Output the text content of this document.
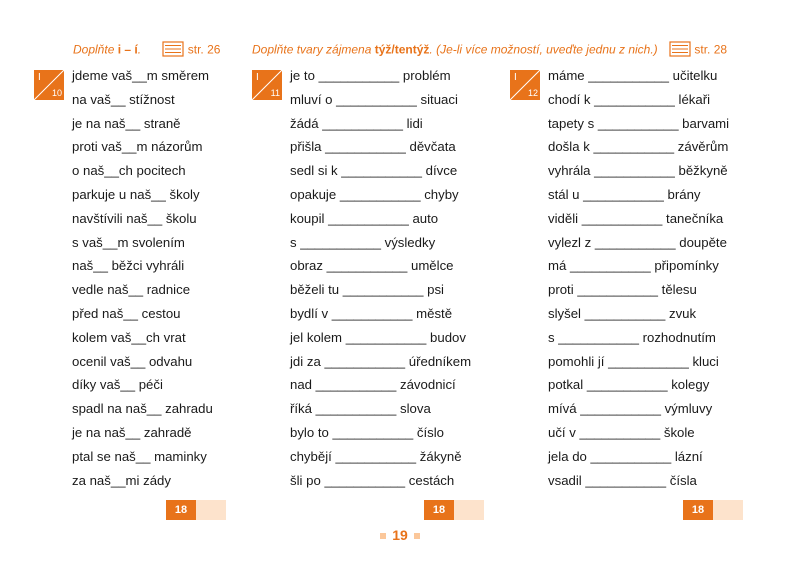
Doplňte i – í.	str. 26	Doplňte tvary zájmena týž/tentýž. (Je-li více možností, uveďte jednu z nich.)	str. 28
I
10
jdeme vaš__m směrem
na vaš__ stížnost
je na naš__ straně
proti vaš__m názorům
o naš__ch pocitech
parkuje u naš__ školy
navštívili naš__ školu
s vaš__m svolením
naš__ běžci vyhráli
vedle naš__ radnice
před naš__ cestou
kolem vaš__ch vrat
ocenil vaš__ odvahu
díky vaš__ péči
spadl na naš__ zahradu
je na naš__ zahradě
ptal se naš__ maminky
za naš__mi zády
I
11
je to ___________ problém
mluví o ___________ situaci
žádá ___________ lidi
přišla ___________ děvčata
sedl si k ___________ dívce
opakuje ___________ chyby
koupil ___________ auto
s ___________ výsledky
obraz ___________ umělce
běželi tu ___________ psi
bydlí v ___________ městě
jel kolem ___________ budov
jdi za ___________ úředníkem
nad ___________ závodnicí
říká ___________ slova
bylo to ___________ číslo
chybějí ___________ žákyně
šli po ___________ cestách
I
12
máme ___________ učitelku
chodí k ___________ lékaři
tapety s ___________ barvami
došla k ___________ závěrům
vyhrála ___________ běžkyně
stál u ___________ brány
viděli ___________ tanečníka
vylezl z ___________ doupěte
má ___________ připomínky
proti ___________ tělesu
slyšel ___________ zvuk
s ___________ rozhodnutím
pomohli jí ___________ kluci
potkal ___________ kolegy
mívá ___________ výmluvy
učí v ___________ škole
jela do ___________ lázní
vsadil ___________ čísla
18	18	18
19
